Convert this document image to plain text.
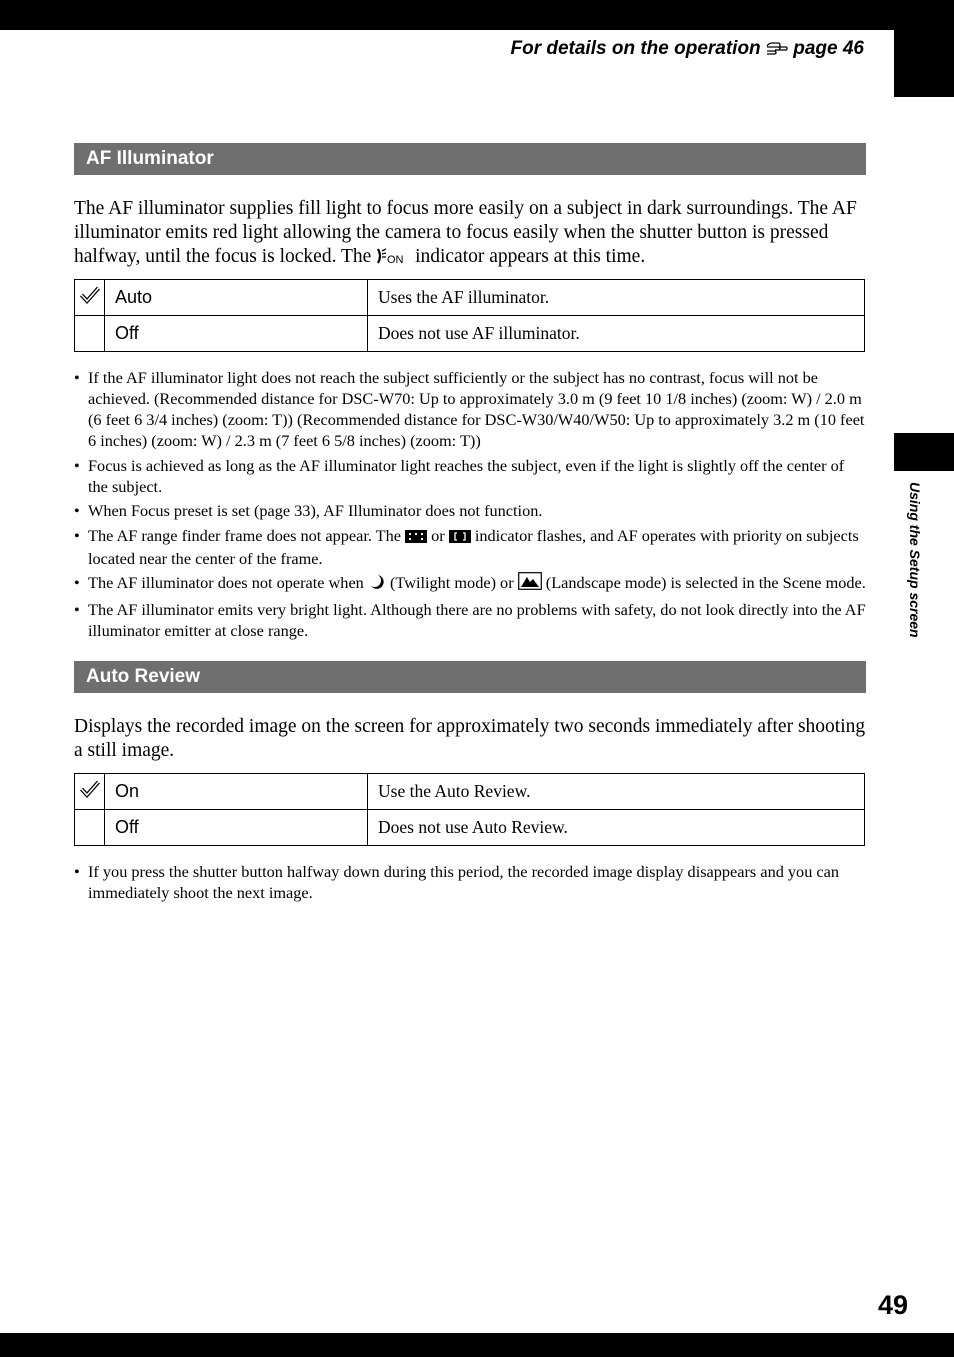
Using the Setup screen
For details on the operation  page 46
AF Illuminator

The AF illuminator supplies fill light to focus more easily on a subject in dark surroundings. The AF illuminator emits red light allowing the camera to focus easily when the shutter button is pressed halfway, until the focus is locked. The ON indicator appears at this time.

	Auto	Uses the AF illuminator.
	Off	Does not use AF illuminator.
• If the AF illuminator light does not reach the subject sufficiently or the subject has no contrast, focus will not be achieved. (Recommended distance for DSC-W70: Up to approximately 3.0 m (9 feet 10 1/8 inches) (zoom: W) / 2.0 m (6 feet 6 3/4 inches) (zoom: T)) (Recommended distance for DSC-W30/W40/W50: Up to approximately 3.2 m (10 feet 6 inches) (zoom: W) / 2.3 m (7 feet 6 5/8 inches) (zoom: T))
• Focus is achieved as long as the AF illuminator light reaches the subject, even if the light is slightly off the center of the subject.
• When Focus preset is set (page 33), AF Illuminator does not function.
• The AF range finder frame does not appear. The  or  indicator flashes, and AF operates with priority on subjects located near the center of the frame.
• The AF illuminator does not operate when  (Twilight mode) or  (Landscape mode) is selected in the Scene mode.
• The AF illuminator emits very bright light. Although there are no problems with safety, do not look directly into the AF illuminator emitter at close range.
Auto Review

Displays the recorded image on the screen for approximately two seconds immediately after shooting a still image.

	On	Use the Auto Review.
	Off	Does not use Auto Review.
• If you press the shutter button halfway down during this period, the recorded image display disappears and you can immediately shoot the next image.
49
